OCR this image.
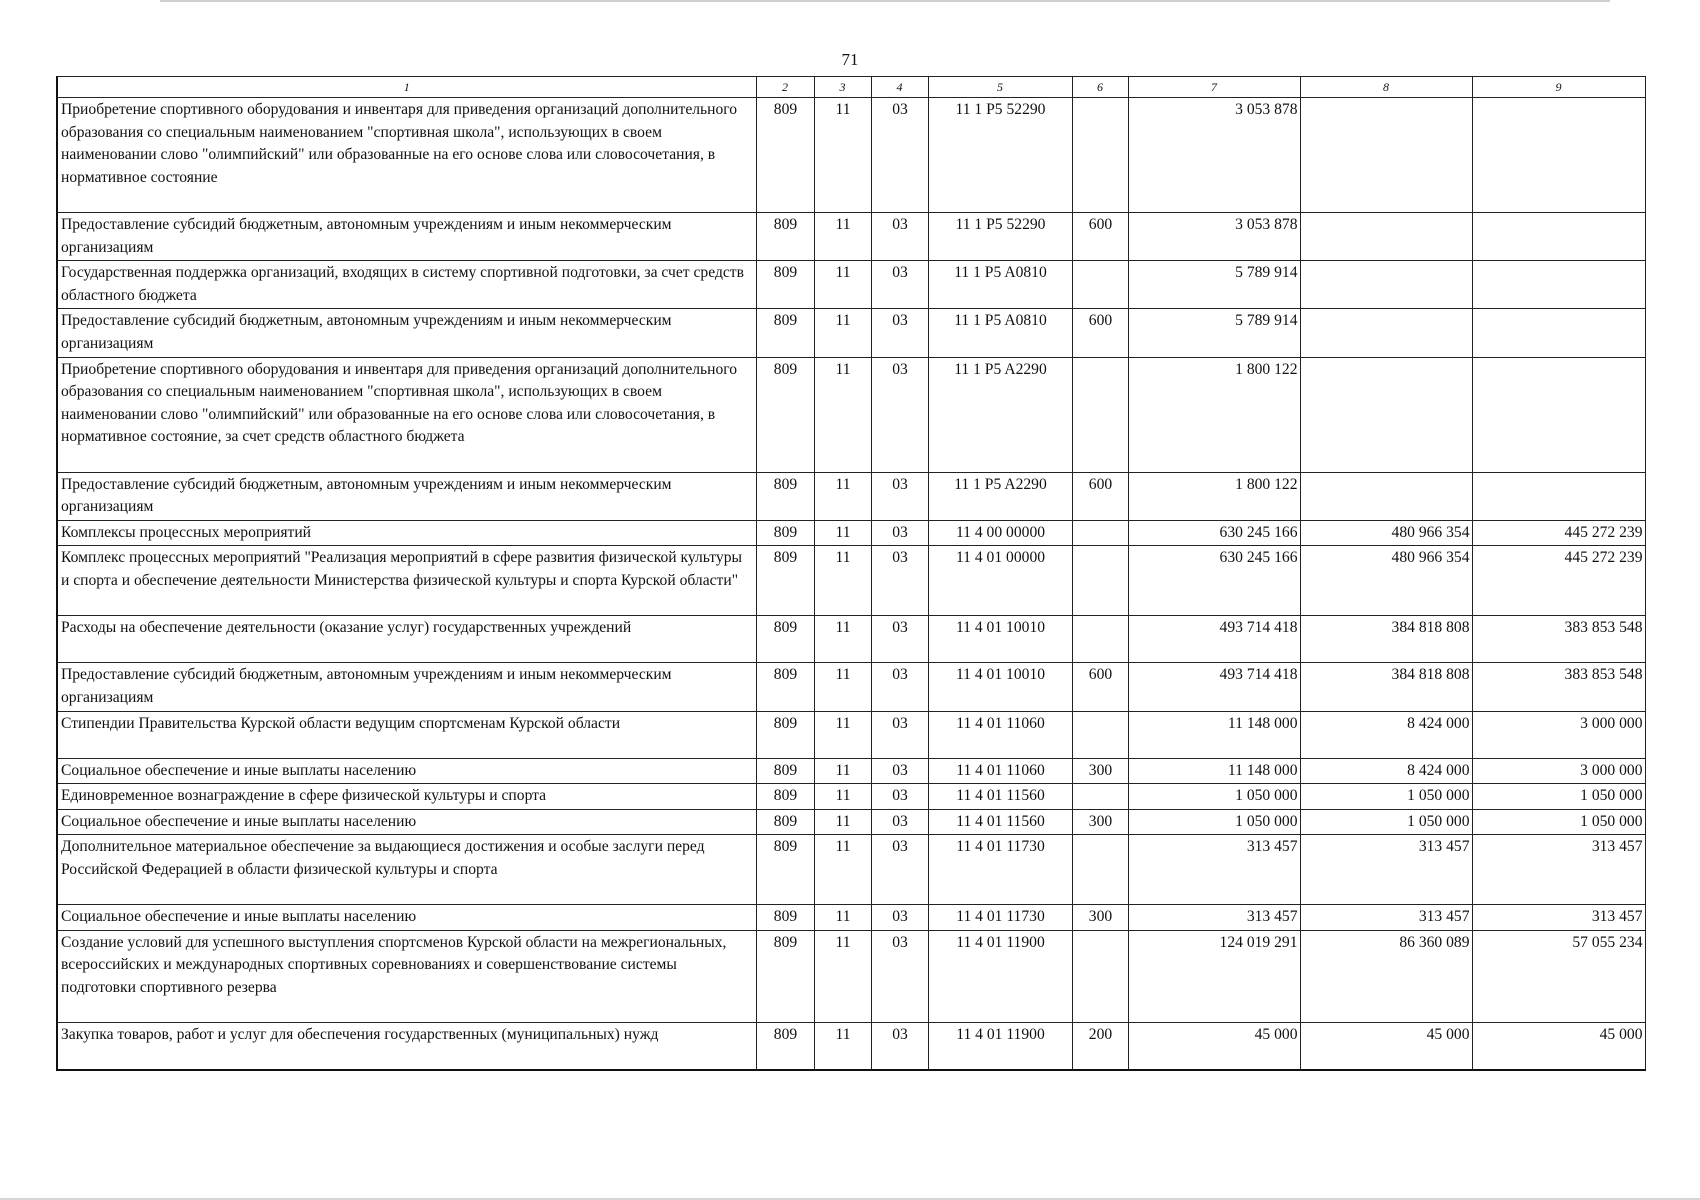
71
1	2	3	4	5	6	7	8	9
Приобретение спортивного оборудования и инвентаря для приведения организаций дополнительного образования со специальным наименованием "спортивная школа", использующих в своем наименовании слово "олимпийский" или образованные на его основе слова или словосочетания, в нормативное состояние	809	11	03	11 1 P5 52290		3 053 878		
Предоставление субсидий бюджетным, автономным учреждениям и иным некоммерческим организациям	809	11	03	11 1 P5 52290	600	3 053 878		
Государственная поддержка организаций, входящих в систему спортивной подготовки, за счет средств областного бюджета	809	11	03	11 1 P5 A0810		5 789 914		
Предоставление субсидий бюджетным, автономным учреждениям и иным некоммерческим организациям	809	11	03	11 1 P5 A0810	600	5 789 914		
Приобретение спортивного оборудования и инвентаря для приведения организаций дополнительного образования со специальным наименованием "спортивная школа", использующих в своем наименовании слово "олимпийский" или образованные на его основе слова или словосочетания, в нормативное состояние, за счет средств областного бюджета	809	11	03	11 1 P5 A2290		1 800 122		
Предоставление субсидий бюджетным, автономным учреждениям и иным некоммерческим организациям	809	11	03	11 1 P5 A2290	600	1 800 122		
Комплексы процессных мероприятий	809	11	03	11 4 00 00000		630 245 166	480 966 354	445 272 239
Комплекс процессных мероприятий "Реализация мероприятий в сфере развития физической культуры и спорта и обеспечение деятельности Министерства физической культуры и спорта Курской области"	809	11	03	11 4 01 00000		630 245 166	480 966 354	445 272 239
Расходы на обеспечение деятельности (оказание услуг) государственных учреждений	809	11	03	11 4 01 10010		493 714 418	384 818 808	383 853 548
Предоставление субсидий бюджетным, автономным учреждениям и иным некоммерческим организациям	809	11	03	11 4 01 10010	600	493 714 418	384 818 808	383 853 548
Стипендии Правительства Курской области ведущим спортсменам Курской области	809	11	03	11 4 01 11060		11 148 000	8 424 000	3 000 000
Социальное обеспечение и иные выплаты населению	809	11	03	11 4 01 11060	300	11 148 000	8 424 000	3 000 000
Единовременное вознаграждение в сфере физической культуры и спорта	809	11	03	11 4 01 11560		1 050 000	1 050 000	1 050 000
Социальное обеспечение и иные выплаты населению	809	11	03	11 4 01 11560	300	1 050 000	1 050 000	1 050 000
Дополнительное материальное обеспечение за выдающиеся достижения и особые заслуги перед Российской Федерацией в области физической культуры и спорта	809	11	03	11 4 01 11730		313 457	313 457	313 457
Социальное обеспечение и иные выплаты населению	809	11	03	11 4 01 11730	300	313 457	313 457	313 457
Создание условий для успешного выступления спортсменов Курской области на межрегиональных, всероссийских и международных спортивных соревнованиях и совершенствование системы подготовки спортивного резерва	809	11	03	11 4 01 11900		124 019 291	86 360 089	57 055 234
Закупка товаров, работ и услуг для обеспечения государственных (муниципальных) нужд	809	11	03	11 4 01 11900	200	45 000	45 000	45 000
